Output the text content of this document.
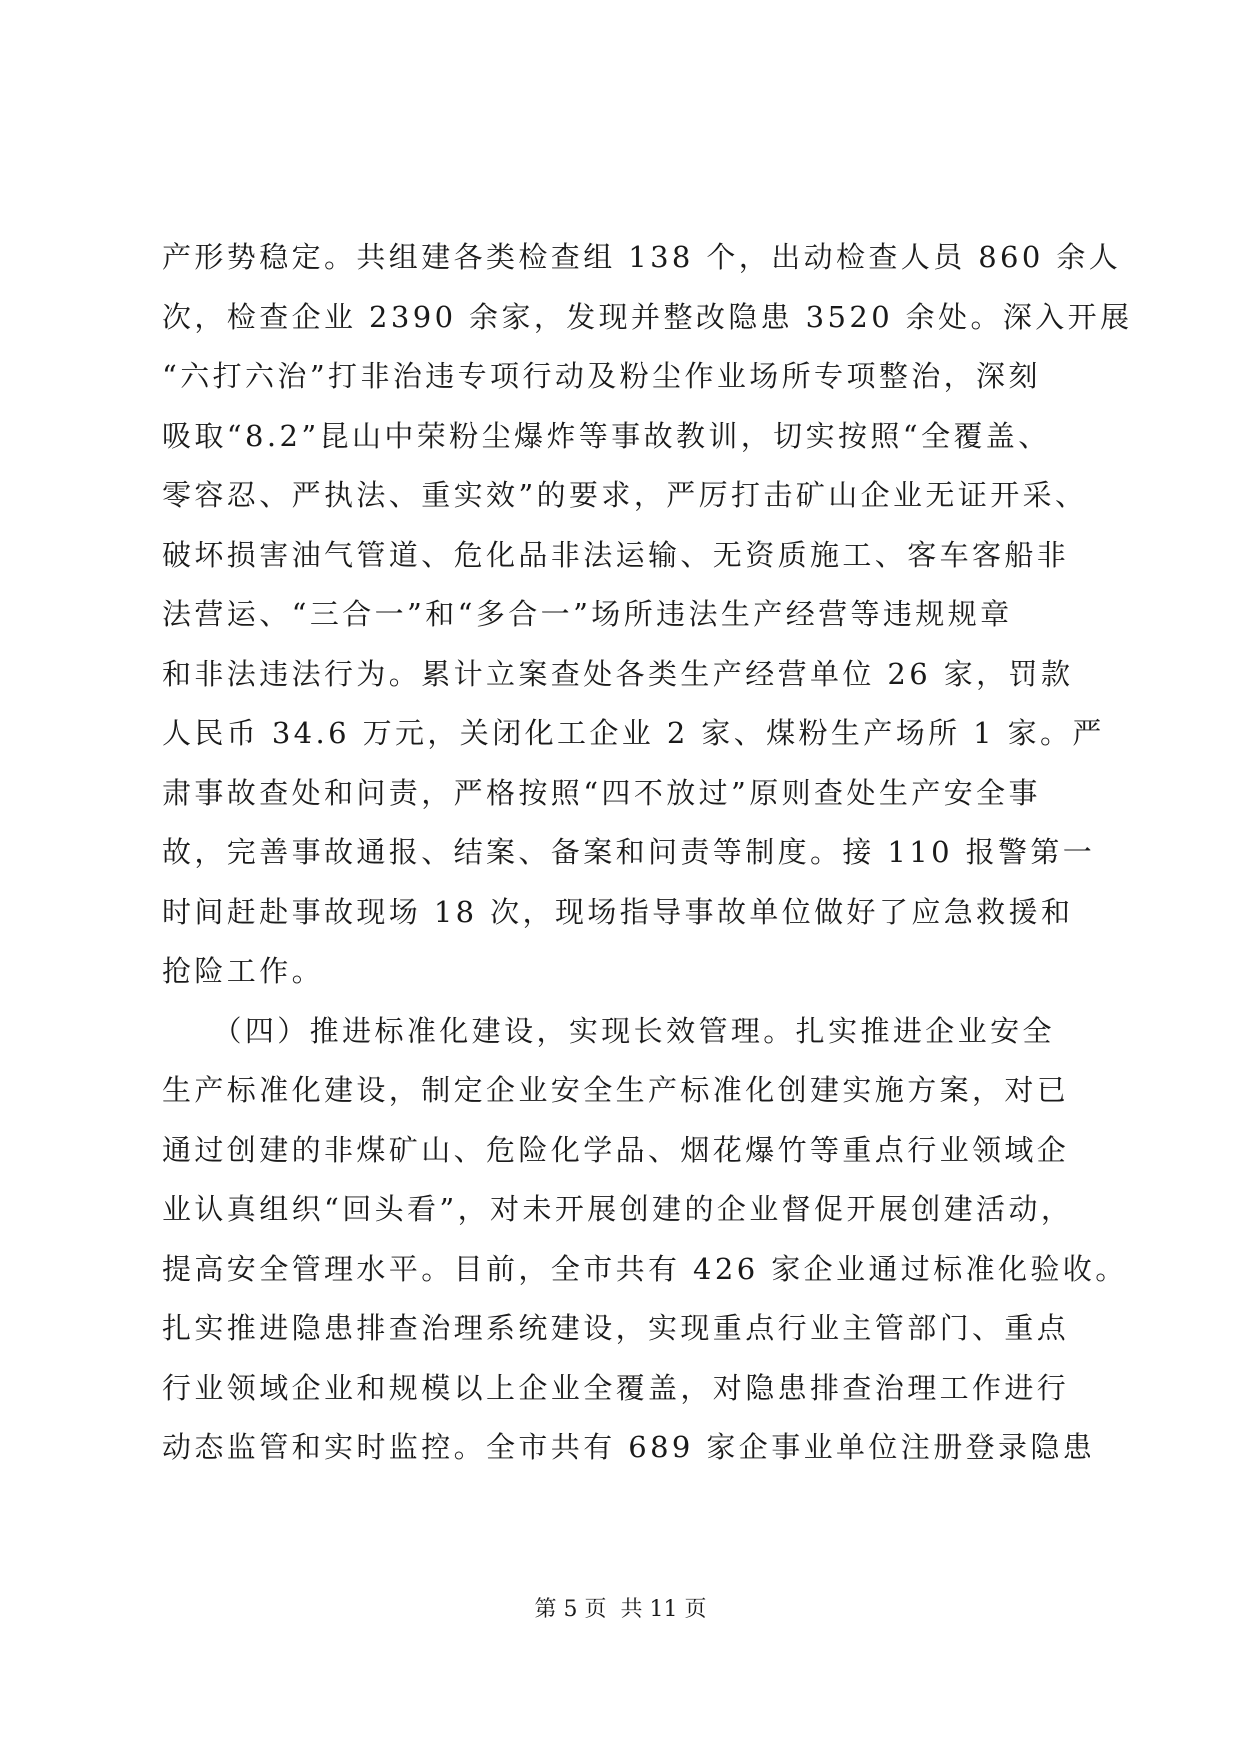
产形势稳定。共组建各类检查组 138 个，出动检查人员 860 余人
次，检查企业 2390 余家，发现并整改隐患 3520 余处。深入开展
“六打六治”打非治违专项行动及粉尘作业场所专项整治，深刻
吸取“8.2”昆山中荣粉尘爆炸等事故教训，切实按照“全覆盖、
零容忍、严执法、重实效”的要求，严厉打击矿山企业无证开采、
破坏损害油气管道、危化品非法运输、无资质施工、客车客船非
法营运、“三合一”和“多合一”场所违法生产经营等违规规章
和非法违法行为。累计立案查处各类生产经营单位 26 家，罚款
人民币 34.6 万元，关闭化工企业 2 家、煤粉生产场所 1 家。严
肃事故查处和问责，严格按照“四不放过”原则查处生产安全事
故，完善事故通报、结案、备案和问责等制度。接 110 报警第一
时间赶赴事故现场 18 次，现场指导事故单位做好了应急救援和
抢险工作。
（四）推进标准化建设，实现长效管理。扎实推进企业安全
生产标准化建设，制定企业安全生产标准化创建实施方案，对已
通过创建的非煤矿山、危险化学品、烟花爆竹等重点行业领域企
业认真组织“回头看”，对未开展创建的企业督促开展创建活动，
提高安全管理水平。目前，全市共有 426 家企业通过标准化验收。
扎实推进隐患排查治理系统建设，实现重点行业主管部门、重点
行业领域企业和规模以上企业全覆盖，对隐患排查治理工作进行
动态监管和实时监控。全市共有 689 家企事业单位注册登录隐患
第 5 页  共 11 页
